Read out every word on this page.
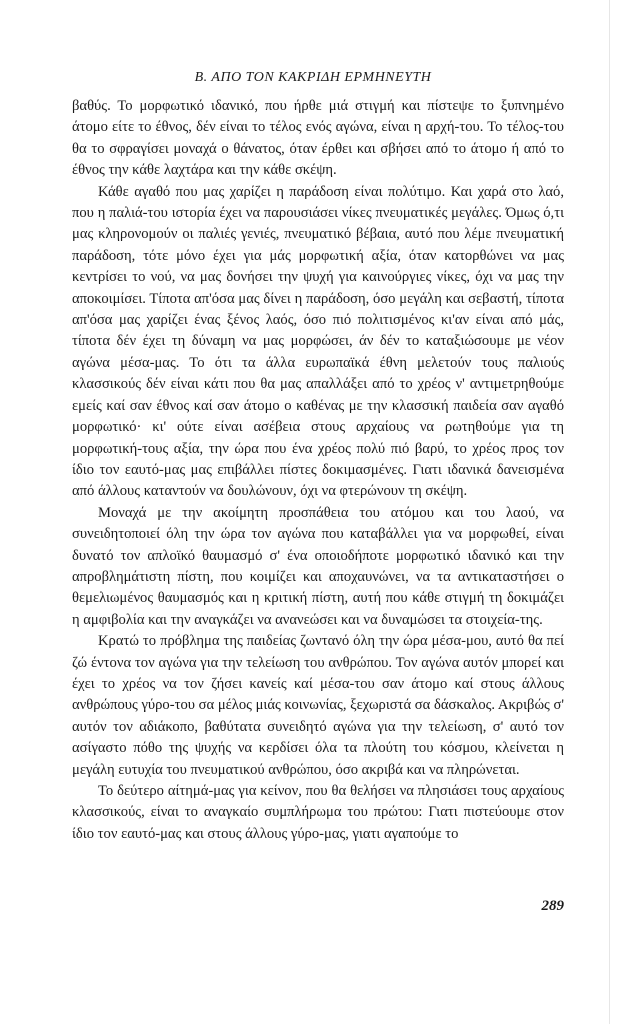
Β. ΑΠΟ ΤΟΝ ΚΑΚΡΙΔΗ ΕΡΜΗΝΕΥΤΗ

βαθύς. Το μορφωτικό ιδανικό, που ήρθε μιά στιγμή και πίστεψε το ξυπνημένο άτομο είτε το έθνος, δέν είναι το τέλος ενός αγώνα, είναι η αρχή-του. Το τέλος-του θα το σφραγίσει μοναχά ο θάνατος, όταν έρθει και σβήσει από το άτομο ή από το έθνος την κάθε λαχτάρα και την κάθε σκέψη.

Κάθε αγαθό που μας χαρίζει η παράδοση είναι πολύτιμο. Και χαρά στο λαό, που η παλιά-του ιστορία έχει να παρουσιάσει νίκες πνευματικές μεγάλες. Όμως ό,τι μας κληρονομούν οι παλιές γενιές, πνευματικό βέβαια, αυτό που λέμε πνευματική παράδοση, τότε μόνο έχει για μάς μορφωτική αξία, όταν κατορθώνει να μας κεντρίσει το νού, να μας δονήσει την ψυχή για καινούργιες νίκες, όχι να μας την αποκοιμίσει. Τίποτα απ'όσα μας δίνει η παράδοση, όσο μεγάλη και σεβαστή, τίποτα απ'όσα μας χαρίζει ένας ξένος λαός, όσο πιό πολιτισμένος κι'αν είναι από μάς, τίποτα δέν έχει τη δύναμη να μας μορφώσει, άν δέν το καταξιώσουμε με νέον αγώνα μέσα-μας. Το ότι τα άλλα ευρωπαϊκά έθνη μελετούν τους παλιούς κλασσικούς δέν είναι κάτι που θα μας απαλλάξει από το χρέος ν' αντιμετρηθούμε εμείς καί σαν έθνος καί σαν άτομο ο καθένας με την κλασσική παιδεία σαν αγαθό μορφωτικό· κι' ούτε είναι ασέβεια στους αρχαίους να ρωτηθούμε για τη μορφωτική-τους αξία, την ώρα που ένα χρέος πολύ πιό βαρύ, το χρέος προς τον ίδιο τον εαυτό-μας μας επιβάλλει πίστες δοκιμασμένες. Γιατι ιδανικά δανεισμένα από άλλους καταντούν να δουλώνουν, όχι να φτερώνουν τη σκέψη.

Μοναχά με την ακοίμητη προσπάθεια του ατόμου και του λαού, να συνειδητοποιεί όλη την ώρα τον αγώνα που καταβάλλει για να μορφωθεί, είναι δυνατό τον απλοϊκό θαυμασμό σ' ένα οποιοδήποτε μορφωτικό ιδανικό και την απροβλημάτιστη πίστη, που κοιμίζει και αποχαυνώνει, να τα αντικαταστήσει ο θεμελιωμένος θαυμασμός και η κριτική πίστη, αυτή που κάθε στιγμή τη δοκιμάζει η αμφιβολία και την αναγκάζει να ανανεώσει και να δυναμώσει τα στοιχεία-της.

Κρατώ το πρόβλημα της παιδείας ζωντανό όλη την ώρα μέσα-μου, αυτό θα πεί ζώ έντονα τον αγώνα για την τελείωση του ανθρώπου. Τον αγώνα αυτόν μπορεί και έχει το χρέος να τον ζήσει κανείς καί μέσα-του σαν άτομο καί στους άλλους ανθρώπους γύρο-του σα μέλος μιάς κοινωνίας, ξεχωριστά σα δάσκαλος. Ακριβώς σ' αυτόν τον αδιάκοπο, βαθύτατα συνειδητό αγώνα για την τελείωση, σ' αυτό τον ασίγαστο πόθο της ψυχής να κερδίσει όλα τα πλούτη του κόσμου, κλείνεται η μεγάλη ευτυχία του πνευματικού ανθρώπου, όσο ακριβά και να πληρώνεται.

Το δεύτερο αίτημά-μας για κείνον, που θα θελήσει να πλησιάσει τους αρχαίους κλασσικούς, είναι το αναγκαίο συμπλήρωμα του πρώτου: Γιατι πιστεύουμε στον ίδιο τον εαυτό-μας και στους άλλους γύρο-μας, γιατι αγαπούμε το

289
